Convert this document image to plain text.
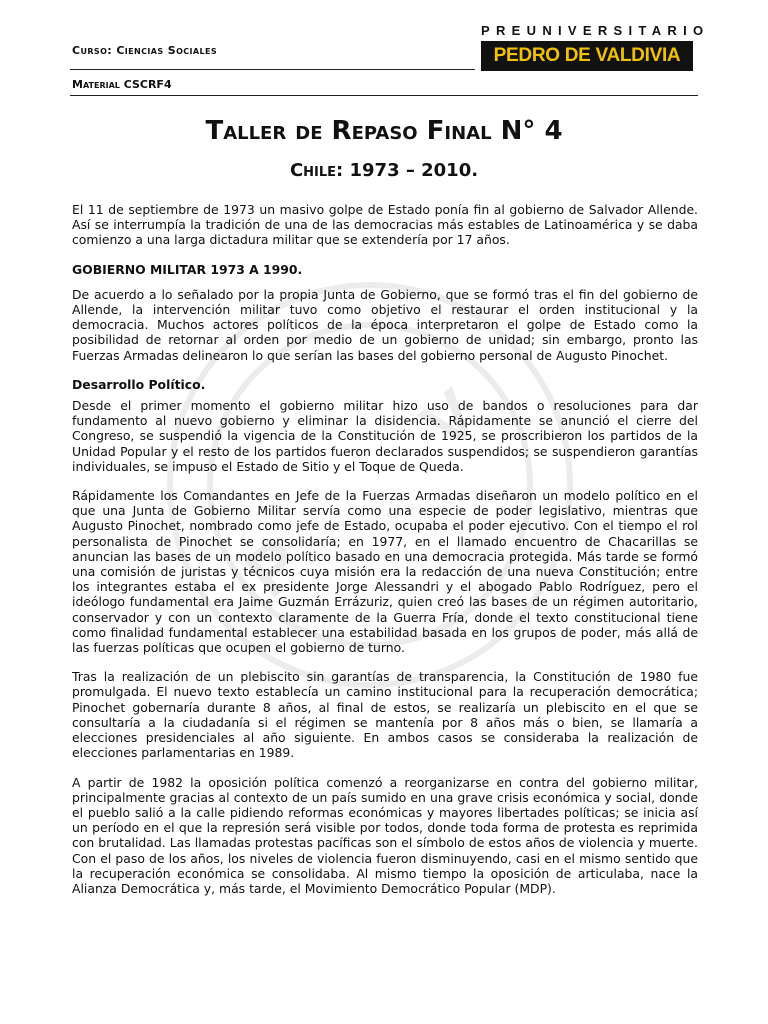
P
V
Curso: Ciencias Sociales
Material CSCRF4
PREUNIVERSITARIO
PEDRO DE VALDIVIA
Taller de Repaso Final N° 4
Chile: 1973 – 2010.

El 11 de septiembre de 1973 un masivo golpe de Estado ponía fin al gobierno de Salvador Allende. Así se interrumpía la tradición de una de las democracias más estables de Latinoamérica y se daba comienzo a una larga dictadura militar que se extendería por 17 años.

GOBIERNO MILITAR 1973 A 1990.

De acuerdo a lo señalado por la propia Junta de Gobierno, que se formó tras el fin del gobierno de Allende, la intervención militar tuvo como objetivo el restaurar el orden institucional y la democracia. Muchos actores políticos de la época interpretaron el golpe de Estado como la posibilidad de retornar al orden por medio de un gobierno de unidad; sin embargo, pronto las Fuerzas Armadas delinearon lo que serían las bases del gobierno personal de Augusto Pinochet.

Desarrollo Político.

Desde el primer momento el gobierno militar hizo uso de bandos o resoluciones para dar fundamento al nuevo gobierno y eliminar la disidencia. Rápidamente se anunció el cierre del Congreso, se suspendió la vigencia de la Constitución de 1925, se proscribieron los partidos de la Unidad Popular y el resto de los partidos fueron declarados suspendidos; se suspendieron garantías individuales, se impuso el Estado de Sitio y el Toque de Queda.

Rápidamente los Comandantes en Jefe de la Fuerzas Armadas diseñaron un modelo político en el que una Junta de Gobierno Militar servía como una especie de poder legislativo, mientras que Augusto Pinochet, nombrado como jefe de Estado, ocupaba el poder ejecutivo. Con el tiempo el rol personalista de Pinochet se consolidaría; en 1977, en el llamado encuentro de Chacarillas se anuncian las bases de un modelo político basado en una democracia protegida. Más tarde se formó una comisión de juristas y técnicos cuya misión era la redacción de una nueva Constitución; entre los integrantes estaba el ex presidente Jorge Alessandri y el abogado Pablo Rodríguez, pero el ideólogo fundamental era Jaime Guzmán Errázuriz, quien creó las bases de un régimen autoritario, conservador y con un contexto claramente de la Guerra Fría, donde el texto constitucional tiene como finalidad fundamental establecer una estabilidad basada en los grupos de poder, más allá de las fuerzas políticas que ocupen el gobierno de turno.

Tras la realización de un plebiscito sin garantías de transparencia, la Constitución de 1980 fue promulgada. El nuevo texto establecía un camino institucional para la recuperación democrática; Pinochet gobernaría durante 8 años, al final de estos, se realizaría un plebiscito en el que se consultaría a la ciudadanía si el régimen se mantenía por 8 años más o bien, se llamaría a elecciones presidenciales al año siguiente. En ambos casos se consideraba la realización de elecciones parlamentarias en 1989.

A partir de 1982 la oposición política comenzó a reorganizarse en contra del gobierno militar, principalmente gracias al contexto de un país sumido en una grave crisis económica y social, donde el pueblo salió a la calle pidiendo reformas económicas y mayores libertades políticas; se inicia así un período en el que la represión será visible por todos, donde toda forma de protesta es reprimida con brutalidad. Las llamadas protestas pacíficas son el símbolo de estos años de violencia y muerte. Con el paso de los años, los niveles de violencia fueron disminuyendo, casi en el mismo sentido que la recuperación económica se consolidaba. Al mismo tiempo la oposición de articulaba, nace la Alianza Democrática y, más tarde, el Movimiento Democrático Popular (MDP).
